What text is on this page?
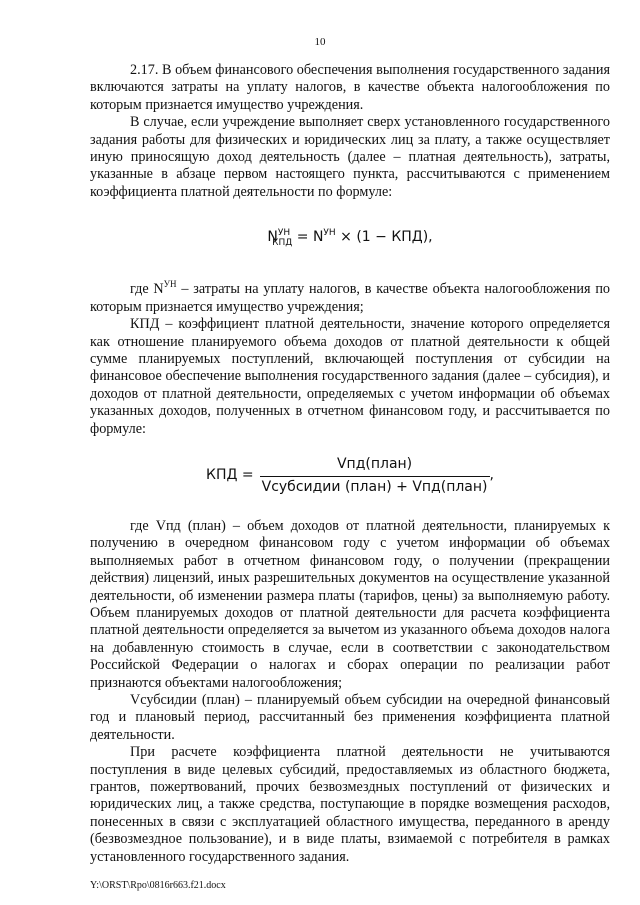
10

2.17. В объем финансового обеспечения выполнения государственного задания включаются затраты на уплату налогов, в качестве объекта налогообложения по которым признается имущество учреждения.

В случае, если учреждение выполняет сверх установленного государственного задания работы для физических и юридических лиц за плату, а также осуществляет иную приносящую доход деятельность (далее – платная деятельность), затраты, указанные в абзаце первом настоящего пункта, рассчитываются с применением коэффициента платной деятельности по формуле:

$N^{УН}_{КПД} = N^{УН} \times (1 - КПД)$,

где $N^{УН}$ – затраты на уплату налогов, в качестве объекта налогообложения по которым признается имущество учреждения;

КПД – коэффициент платной деятельности, значение которого определяется как отношение планируемого объема доходов от платной деятельности к общей сумме планируемых поступлений, включающей поступления от субсидии на финансовое обеспечение выполнения государственного задания (далее – субсидия), и доходов от платной деятельности, определяемых с учетом информации об объемах указанных доходов, полученных в отчетном финансовом году, и рассчитывается по формуле:

КПД = $\frac{\text{Vпд(план)}}{\text{Vсубсидии (план) + Vпд(план)}}$ ,

где Vпд (план) – объем доходов от платной деятельности, планируемых к получению в очередном финансовом году с учетом информации об объемах выполняемых работ в отчетном финансовом году, о получении (прекращении действия) лицензий, иных разрешительных документов на осуществление указанной деятельности, об изменении размера платы (тарифов, цены) за выполняемую работу. Объем планируемых доходов от платной деятельности для расчета коэффициента платной деятельности определяется за вычетом из указанного объема доходов налога на добавленную стоимость в случае, если в соответствии с законодательством Российской Федерации о налогах и сборах операции по реализации работ признаются объектами налогообложения;

Vсубсидии (план) – планируемый объем субсидии на очередной финансовый год и плановый период, рассчитанный без применения коэффициента платной деятельности.

При расчете коэффициента платной деятельности не учитываются поступления в виде целевых субсидий, предоставляемых из областного бюджета, грантов, пожертвований, прочих безвозмездных поступлений от физических и юридических лиц, а также средства, поступающие в порядке возмещения расходов, понесенных в связи с эксплуатацией областного имущества, переданного в аренду (безвозмездное пользование), и в виде платы, взимаемой с потребителя в рамках установленного государственного задания.

Y:\ORST\Rpo\0816r663.f21.docx
